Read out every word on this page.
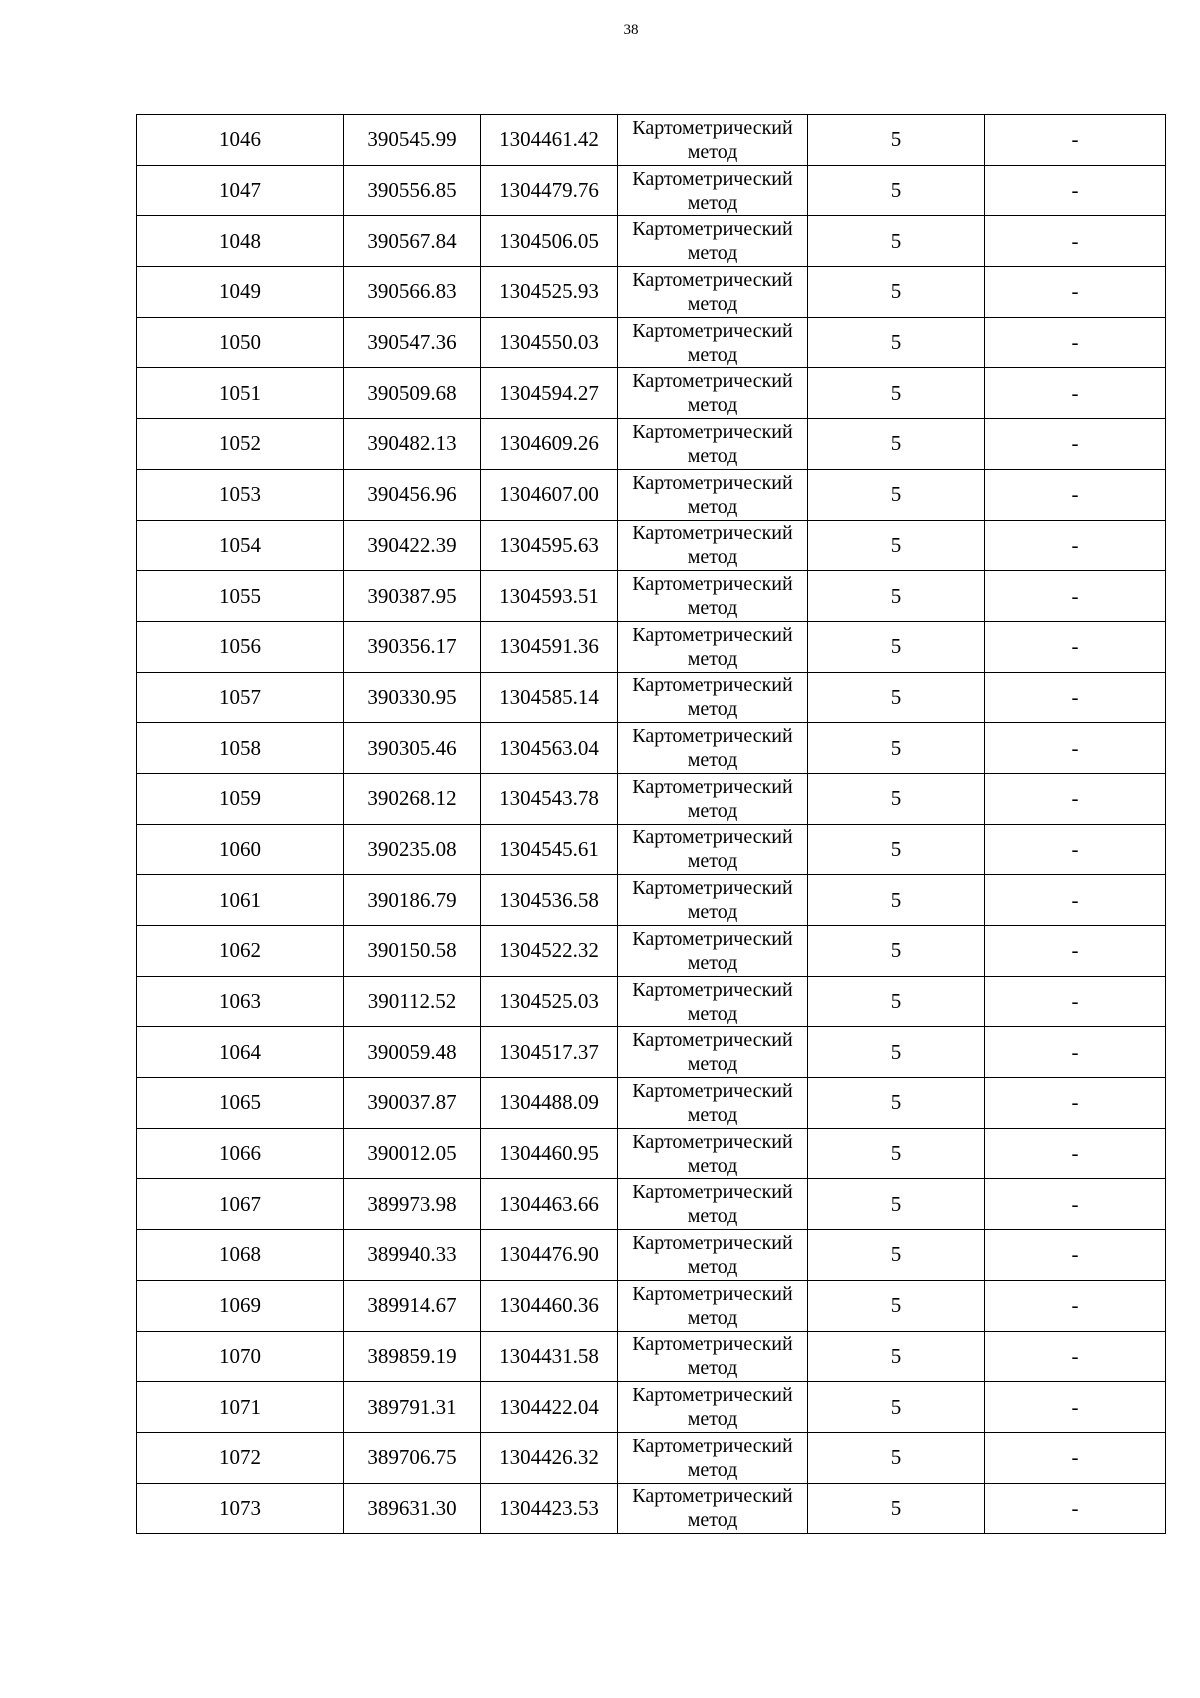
38
1046	390545.99	1304461.42	Картометрический
метод	5	-
1047	390556.85	1304479.76	Картометрический
метод	5	-
1048	390567.84	1304506.05	Картометрический
метод	5	-
1049	390566.83	1304525.93	Картометрический
метод	5	-
1050	390547.36	1304550.03	Картометрический
метод	5	-
1051	390509.68	1304594.27	Картометрический
метод	5	-
1052	390482.13	1304609.26	Картометрический
метод	5	-
1053	390456.96	1304607.00	Картометрический
метод	5	-
1054	390422.39	1304595.63	Картометрический
метод	5	-
1055	390387.95	1304593.51	Картометрический
метод	5	-
1056	390356.17	1304591.36	Картометрический
метод	5	-
1057	390330.95	1304585.14	Картометрический
метод	5	-
1058	390305.46	1304563.04	Картометрический
метод	5	-
1059	390268.12	1304543.78	Картометрический
метод	5	-
1060	390235.08	1304545.61	Картометрический
метод	5	-
1061	390186.79	1304536.58	Картометрический
метод	5	-
1062	390150.58	1304522.32	Картометрический
метод	5	-
1063	390112.52	1304525.03	Картометрический
метод	5	-
1064	390059.48	1304517.37	Картометрический
метод	5	-
1065	390037.87	1304488.09	Картометрический
метод	5	-
1066	390012.05	1304460.95	Картометрический
метод	5	-
1067	389973.98	1304463.66	Картометрический
метод	5	-
1068	389940.33	1304476.90	Картометрический
метод	5	-
1069	389914.67	1304460.36	Картометрический
метод	5	-
1070	389859.19	1304431.58	Картометрический
метод	5	-
1071	389791.31	1304422.04	Картометрический
метод	5	-
1072	389706.75	1304426.32	Картометрический
метод	5	-
1073	389631.30	1304423.53	Картометрический
метод	5	-
